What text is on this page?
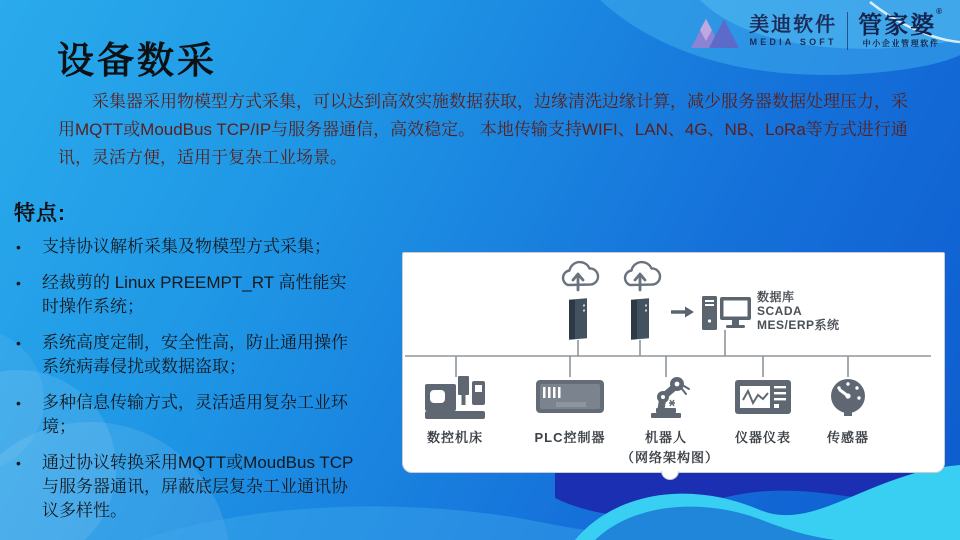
美迪软件
MEDIA SOFT
管家婆®
中小企业管理软件
设备数采

采集器采用物模型方式采集，可以达到高效实施数据获取，边缘清洗边缘计算，减少服务器数据处理压力，采用MQTT或MoudBus TCP/IP与服务器通信，高效稳定。 本地传输支持WIFI、LAN、4G、NB、LoRa等方式进行通讯，灵活方便，适用于复杂工业场景。

特点:
•	支持协议解析采集及物模型方式采集；
•	经裁剪的 Linux PREEMPT_RT 高性能实时操作系统；
•	系统高度定制，安全性高，防止通用操作系统病毒侵扰或数据盗取；
•	多种信息传输方式，灵活适用复杂工业环境；
•	通过协议转换采用MQTT或MoudBus TCP与服务器通讯，屏蔽底层复杂工业通讯协议多样性。
数据库
SCADA
MES/ERP系统
数控机床	PLC控制器	机器人	仪器仪表	传感器
（网络架构图）
